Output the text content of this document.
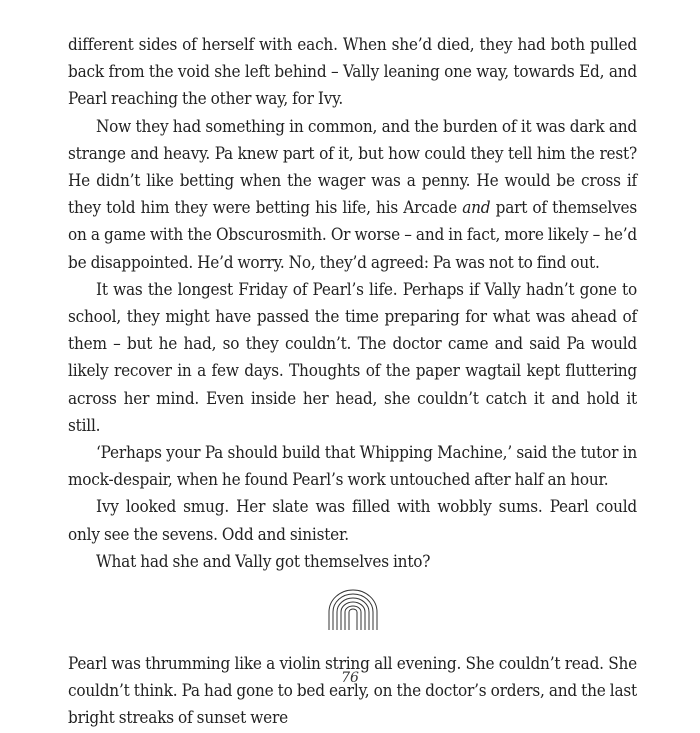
different sides of herself with each. When she’d died, they had both pulled back from the void she left behind – Vally leaning one way, towards Ed, and Pearl reaching the other way, for Ivy.

Now they had something in common, and the burden of it was dark and strange and heavy. Pa knew part of it, but how could they tell him the rest? He didn’t like betting when the wager was a penny. He would be cross if they told him they were betting his life, his Arcade and part of themselves on a game with the Obscurosmith. Or worse – and in fact, more likely – he’d be disappointed. He’d worry. No, they’d agreed: Pa was not to find out.

It was the longest Friday of Pearl’s life. Perhaps if Vally hadn’t gone to school, they might have passed the time preparing for what was ahead of them – but he had, so they couldn’t. The doctor came and said Pa would likely recover in a few days. Thoughts of the paper wagtail kept fluttering across her mind. Even inside her head, she couldn’t catch it and hold it still.

‘Perhaps your Pa should build that Whipping Machine,’ said the tutor in mock-despair, when he found Pearl’s work untouched after half an hour.

Ivy looked smug. Her slate was filled with wobbly sums. Pearl could only see the sevens. Odd and sinister.

What had she and Vally got themselves into?

Pearl was thrumming like a violin string all evening. She couldn’t read. She couldn’t think. Pa had gone to bed early, on the doctor’s orders, and the last bright streaks of sunset were

76
